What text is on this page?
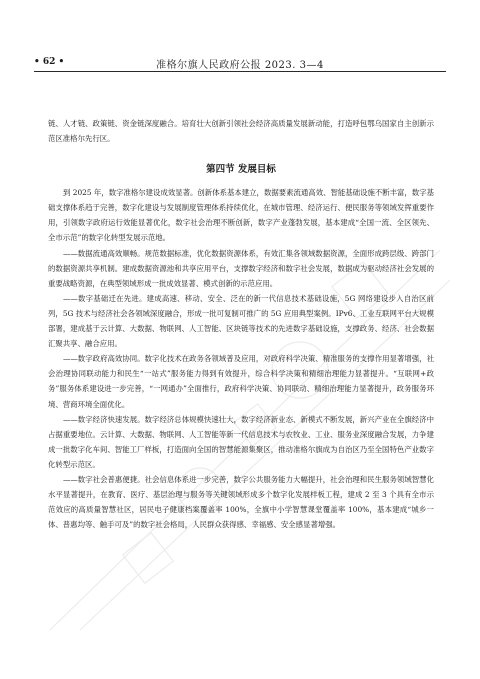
• 62 •	准格尔旗人民政府公报 2023. 3—4

链、人才链、政策链、资金链深度融合。培育壮大创新引领社会经济高质量发展新动能，打造呼包鄂乌国家自主创新示范区准格尔先行区。

第四节 发展目标

到 2025 年，数字准格尔建设成效显著。创新体系基本建立，数据要素流通高效、智能基础设施不断丰富，数字基础支撑体系趋于完善，数字化建设与发展制度管理体系持续优化，在城市管理、经济运行、便民服务等领域发挥重要作用，引领数字政府运行效能显著优化，数字社会治理不断创新，数字产业蓬勃发展，基本建成“全国一流、全区领先、全市示范”的数字化转型发展示范地。

——数据流通高效顺畅。规范数据标准，优化数据资源体系，有效汇集各领域数据资源，全面形成跨层级、跨部门的数据资源共享机制。建成数据资源池和共享应用平台，支撑数字经济和数字社会发展，数据成为驱动经济社会发展的重要战略资源，在典型领域形成一批成效显著、模式创新的示范应用。

——数字基础迁在先进。建成高速、移动、安全、泛在的新一代信息技术基础设施，5G 网络建设步入自治区前列，5G 技术与经济社会各领域深度融合，形成一批可复制可推广的 5G 应用典型案例。IPv6、工业互联网平台大规模部署，建成基于云计算、大数据、物联网、人工智能、区块链等技术的先进数字基础设施，支撑政务、经济、社会数据汇聚共享、融合应用。

——数字政府高效协同。数字化技术在政务各领域普及应用，对政府科学决策、精准服务的支撑作用显著增强，社会治理协同联动能力和民生“一站式”服务能力得到有效提升，综合科学决策和精细治理能力显著提升。“互联网+政务”服务体系建设进一步完善，“一网通办”全面推行，政府科学决策、协同联动、精细治理能力显著提升，政务服务环境、营商环境全面优化。

——数字经济快速发展。数字经济总体规模快速壮大，数字经济新业态、新模式不断发展，新兴产业在全旗经济中占据重要地位。云计算、大数据、物联网、人工智能等新一代信息技术与农牧业、工业、服务业深度融合发展，力争建成一批数字化车间、智能工厂样板，打造面向全国的智慧能源集聚区，推动准格尔旗成为自治区乃至全国特色产业数字化转型示范区。

——数字社会普惠便捷。社会信息体系进一步完善，数字公共服务能力大幅提升，社会治理和民生服务领域智慧化水平显著提升，在教育、医疗、基层治理与服务等关键领域形成多个数字化发展样板工程，建成 2 至 3 个具有全市示范效应的高质量智慧社区，居民电子健康档案覆盖率 100%，全旗中小学智慧课堂覆盖率 100%，基本建成“城乡一体、普惠均等、触手可及”的数字社会格局，人民群众获得感、幸福感、安全感显著增强。
